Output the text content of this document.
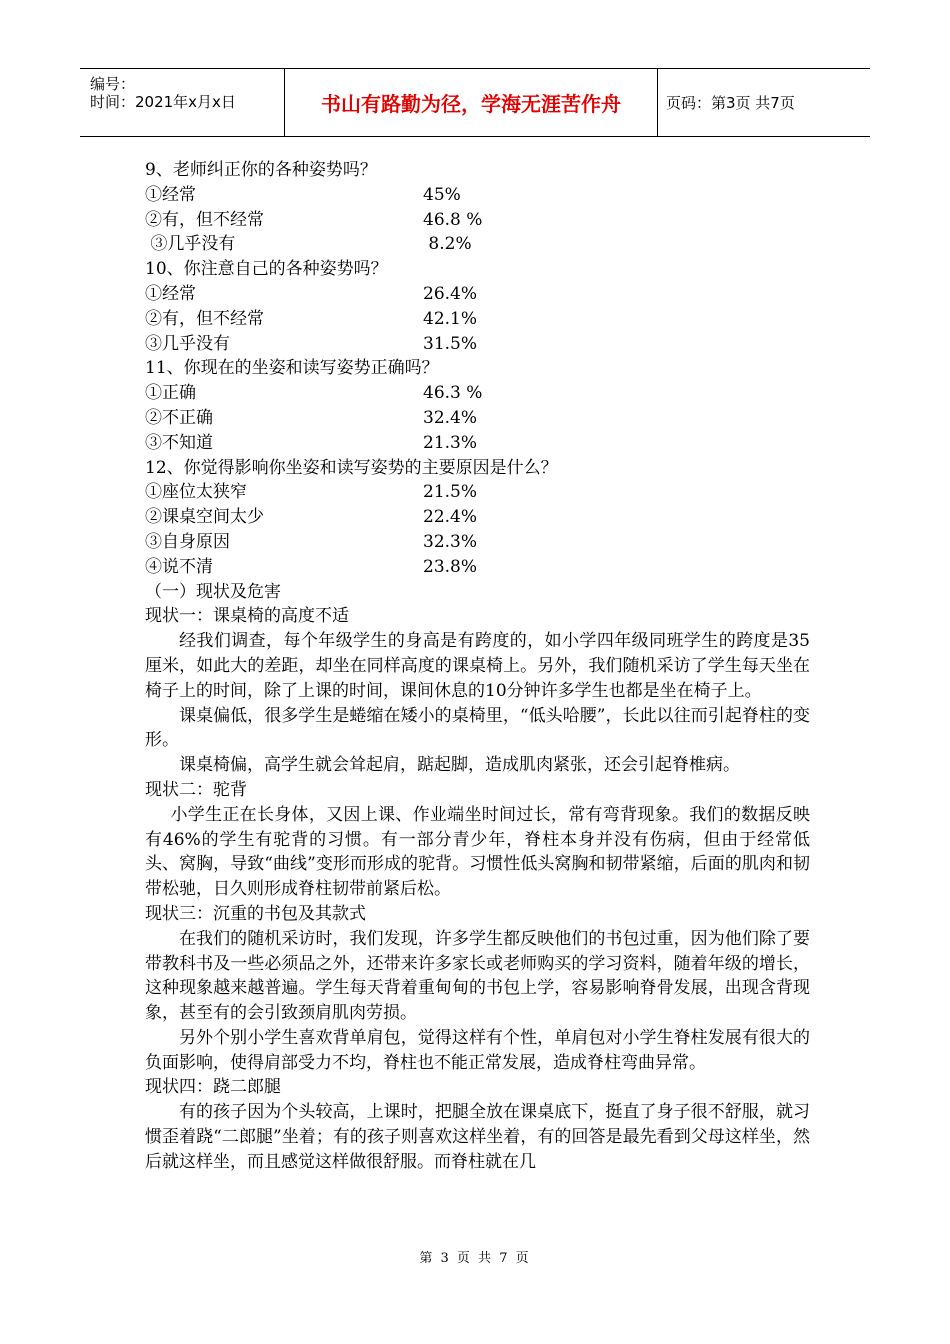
编号：
时间：2021年x月x日	书山有路勤为径，学海无涯苦作舟	页码：第3页 共7页
9、老师纠正你的各种姿势吗？
①经常	45%
②有，但不经常	46.8 %
③几乎没有	8.2%
10、你注意自己的各种姿势吗？
①经常	26.4%
②有，但不经常	42.1%
③几乎没有	31.5%
11、你现在的坐姿和读写姿势正确吗？
①正确	46.3 %
②不正确	32.4%
③不知道	21.3%
12、你觉得影响你坐姿和读写姿势的主要原因是什么？
①座位太狭窄	21.5%
②课桌空间太少	22.4%
③自身原因	32.3%
④说不清	23.8%
（一）现状及危害
现状一：课桌椅的高度不适

经我们调查，每个年级学生的身高是有跨度的，如小学四年级同班学生的跨度是35厘米，如此大的差距，却坐在同样高度的课桌椅上。另外，我们随机采访了学生每天坐在椅子上的时间，除了上课的时间，课间休息的10分钟许多学生也都是坐在椅子上。

课桌偏低，很多学生是蜷缩在矮小的桌椅里，“低头哈腰”，长此以往而引起脊柱的变形。

课桌椅偏，高学生就会耸起肩，踮起脚，造成肌肉紧张，还会引起脊椎病。

现状二：驼背

小学生正在长身体，又因上课、作业端坐时间过长，常有弯背现象。我们的数据反映有46%的学生有驼背的习惯。有一部分青少年，脊柱本身并没有伤病，但由于经常低头、窝胸，导致“曲线”变形而形成的驼背。习惯性低头窝胸和韧带紧缩，后面的肌肉和韧带松驰，日久则形成脊柱韧带前紧后松。

现状三：沉重的书包及其款式

在我们的随机采访时，我们发现，许多学生都反映他们的书包过重，因为他们除了要带教科书及一些必须品之外，还带来许多家长或老师购买的学习资料，随着年级的增长，这种现象越来越普遍。学生每天背着重甸甸的书包上学，容易影响脊骨发展，出现含背现象，甚至有的会引致颈肩肌肉劳损。

另外个别小学生喜欢背单肩包，觉得这样有个性，单肩包对小学生脊柱发展有很大的负面影响，使得肩部受力不均，脊柱也不能正常发展，造成脊柱弯曲异常。

现状四：跷二郎腿

有的孩子因为个头较高，上课时，把腿全放在课桌底下，挺直了身子很不舒服，就习惯歪着跷“二郎腿”坐着；有的孩子则喜欢这样坐着，有的回答是最先看到父母这样坐，然后就这样坐，而且感觉这样做很舒服。而脊柱就在几

第 3 页 共 7 页
